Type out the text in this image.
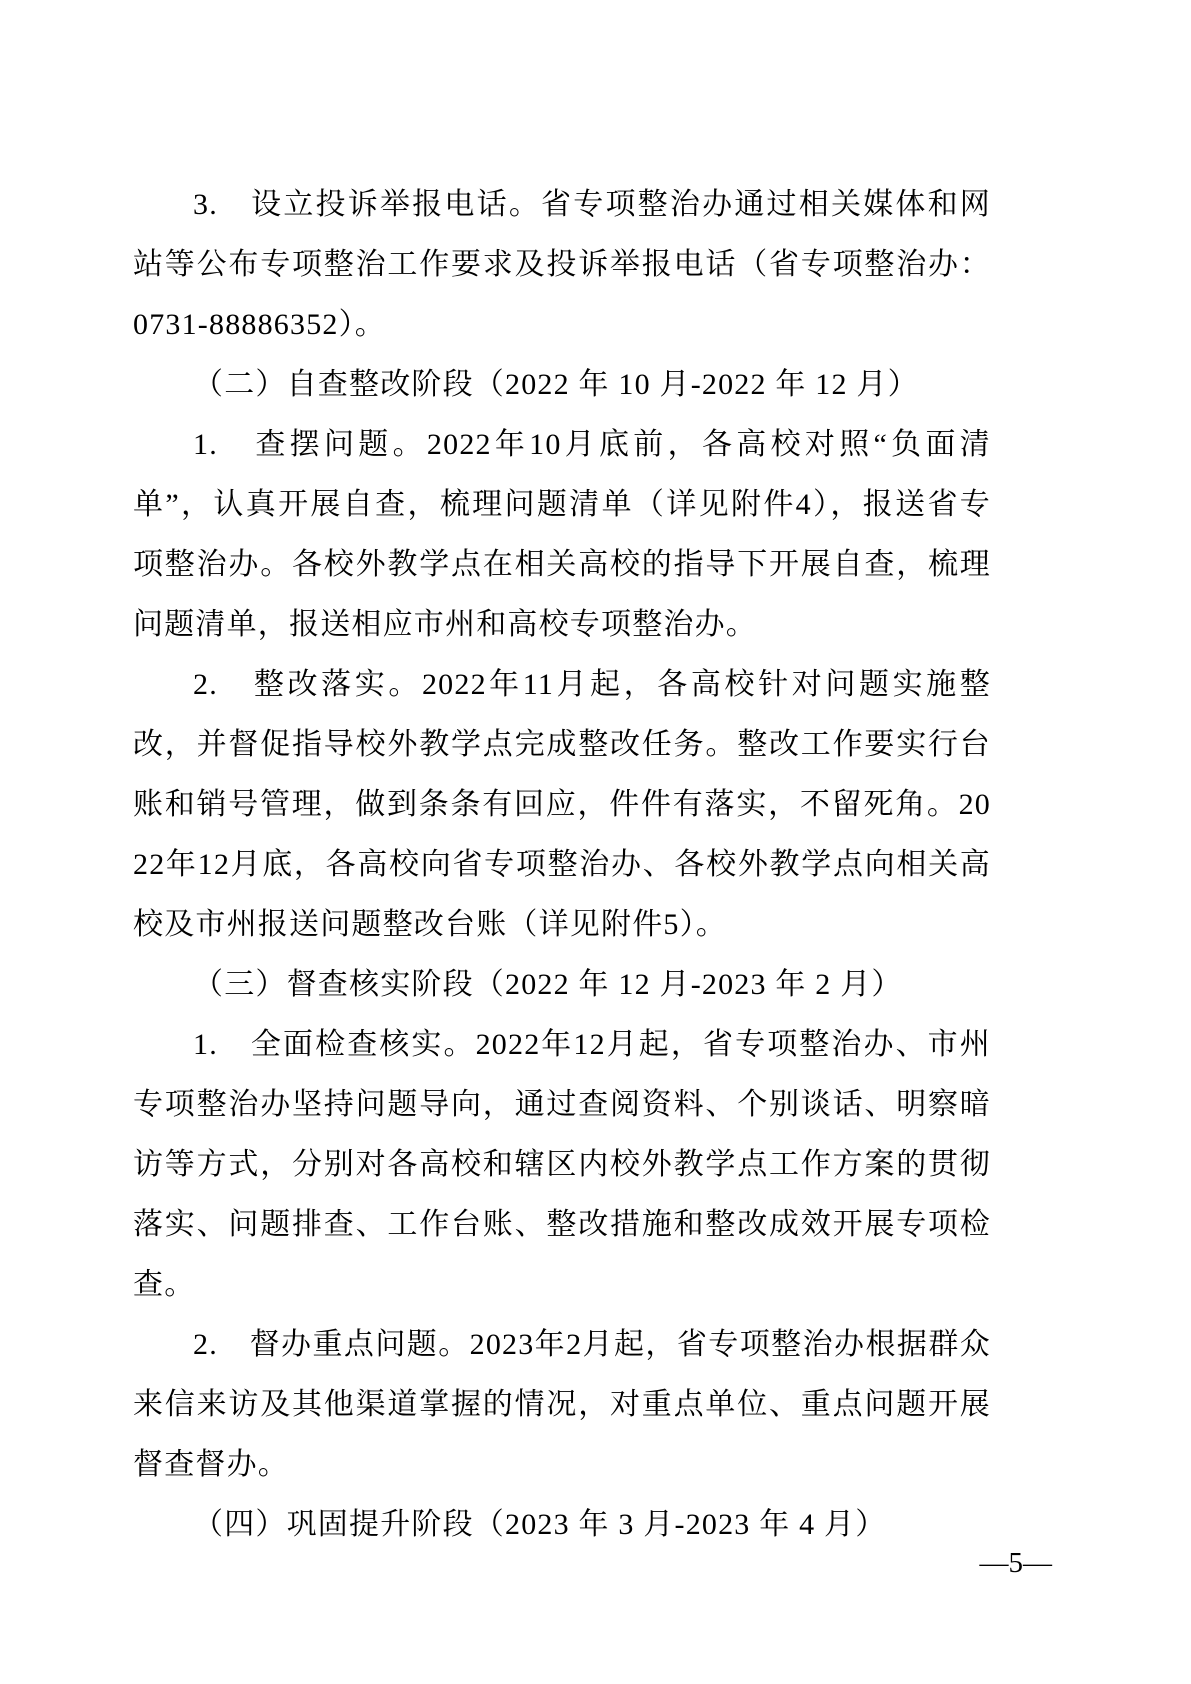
3.　设立投诉举报电话。省专项整治办通过相关媒体和网站等公布专项整治工作要求及投诉举报电话（省专项整治办：0731-88886352）。

（二）自查整改阶段（2022 年 10 月-2022 年 12 月）

1.　查摆问题。2022年10月底前，各高校对照“负面清单”，认真开展自查，梳理问题清单（详见附件4），报送省专项整治办。各校外教学点在相关高校的指导下开展自查，梳理问题清单，报送相应市州和高校专项整治办。

2.　整改落实。2022年11月起，各高校针对问题实施整改，并督促指导校外教学点完成整改任务。整改工作要实行台账和销号管理，做到条条有回应，件件有落实，不留死角。2022年12月底，各高校向省专项整治办、各校外教学点向相关高校及市州报送问题整改台账（详见附件5）。

（三）督查核实阶段（2022 年 12 月-2023 年 2 月）

1.　全面检查核实。2022年12月起，省专项整治办、市州专项整治办坚持问题导向，通过查阅资料、个别谈话、明察暗访等方式，分别对各高校和辖区内校外教学点工作方案的贯彻落实、问题排查、工作台账、整改措施和整改成效开展专项检查。

2.　督办重点问题。2023年2月起，省专项整治办根据群众来信来访及其他渠道掌握的情况，对重点单位、重点问题开展督查督办。

（四）巩固提升阶段（2023 年 3 月-2023 年 4 月）

—5—
